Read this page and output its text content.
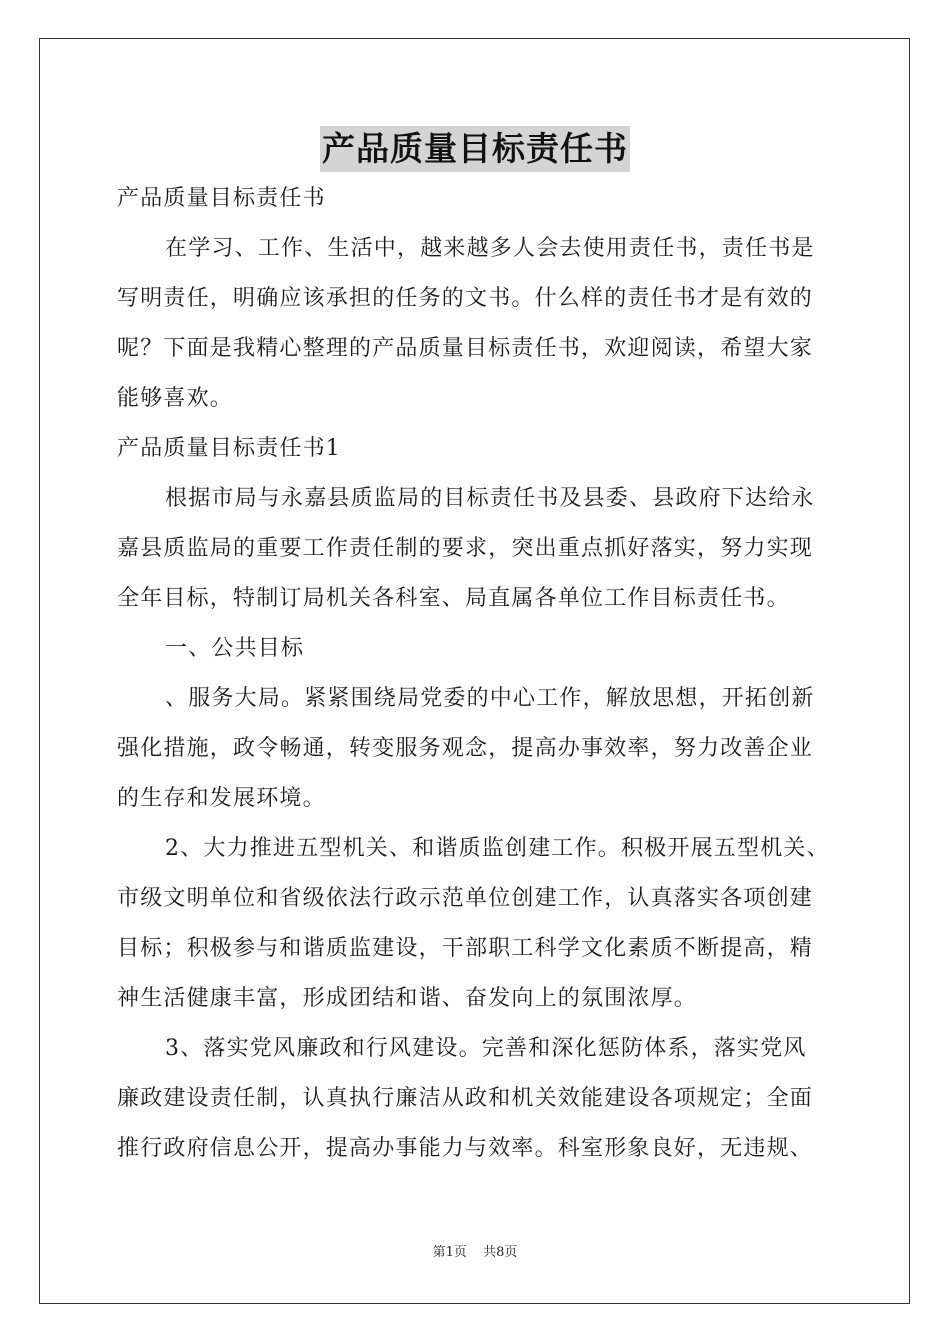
产品质量目标责任书
产品质量目标责任书
在学习、工作、生活中，越来越多人会去使用责任书，责任书是
写明责任，明确应该承担的任务的文书。什么样的责任书才是有效的
呢？下面是我精心整理的产品质量目标责任书，欢迎阅读，希望大家
能够喜欢。
产品质量目标责任书1
根据市局与永嘉县质监局的目标责任书及县委、县政府下达给永
嘉县质监局的重要工作责任制的要求，突出重点抓好落实，努力实现
全年目标，特制订局机关各科室、局直属各单位工作目标责任书。
一、公共目标
、服务大局。紧紧围绕局党委的中心工作，解放思想，开拓创新
强化措施，政令畅通，转变服务观念，提高办事效率，努力改善企业
的生存和发展环境。
2、大力推进五型机关、和谐质监创建工作。积极开展五型机关、
市级文明单位和省级依法行政示范单位创建工作，认真落实各项创建
目标；积极参与和谐质监建设，干部职工科学文化素质不断提高，精
神生活健康丰富，形成团结和谐、奋发向上的氛围浓厚。
3、落实党风廉政和行风建设。完善和深化惩防体系，落实党风
廉政建设责任制，认真执行廉洁从政和机关效能建设各项规定；全面
推行政府信息公开，提高办事能力与效率。科室形象良好，无违规、
第1页 共8页
